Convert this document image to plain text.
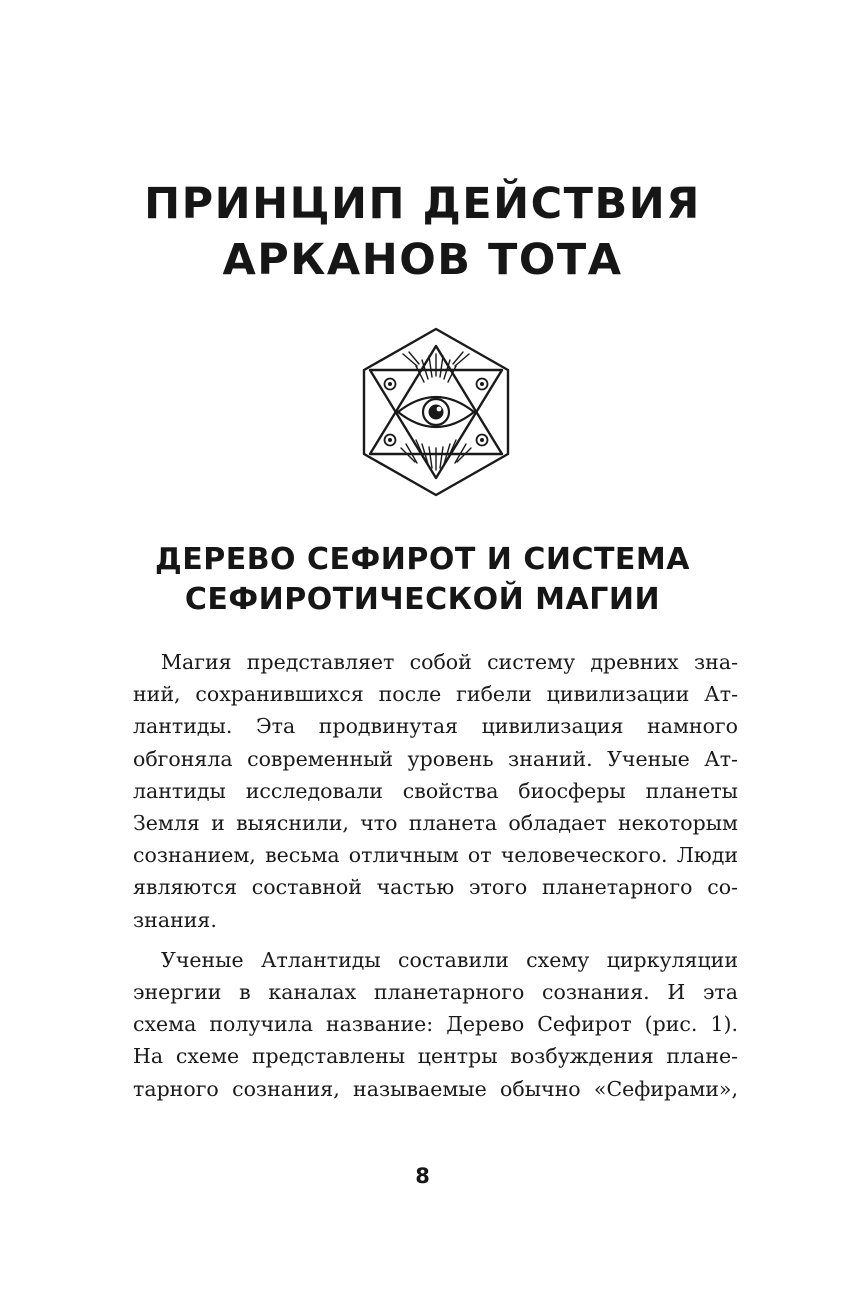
ПРИНЦИП ДЕЙСТВИЯ
АРКАНОВ ТОТА
ДЕРЕВО СЕФИРОТ И СИСТЕМА
СЕФИРОТИЧЕСКОЙ МАГИИ

Магия представляет собой систему древних зна-
ний, сохранившихся после гибели цивилизации Ат-
лантиды. Эта продвинутая цивилизация намного
обгоняла современный уровень знаний. Ученые Ат-
лантиды исследовали свойства биосферы планеты
Земля и выяснили, что планета обладает некоторым
сознанием, весьма отличным от человеческого. Люди
являются составной частью этого планетарного со-
знания.

Ученые Атлантиды составили схему циркуляции
энергии в каналах планетарного сознания. И эта
схема получила название: Дерево Сефирот (рис. 1).
На схеме представлены центры возбуждения плане-
тарного сознания, называемые обычно «Сефирами»,

8
